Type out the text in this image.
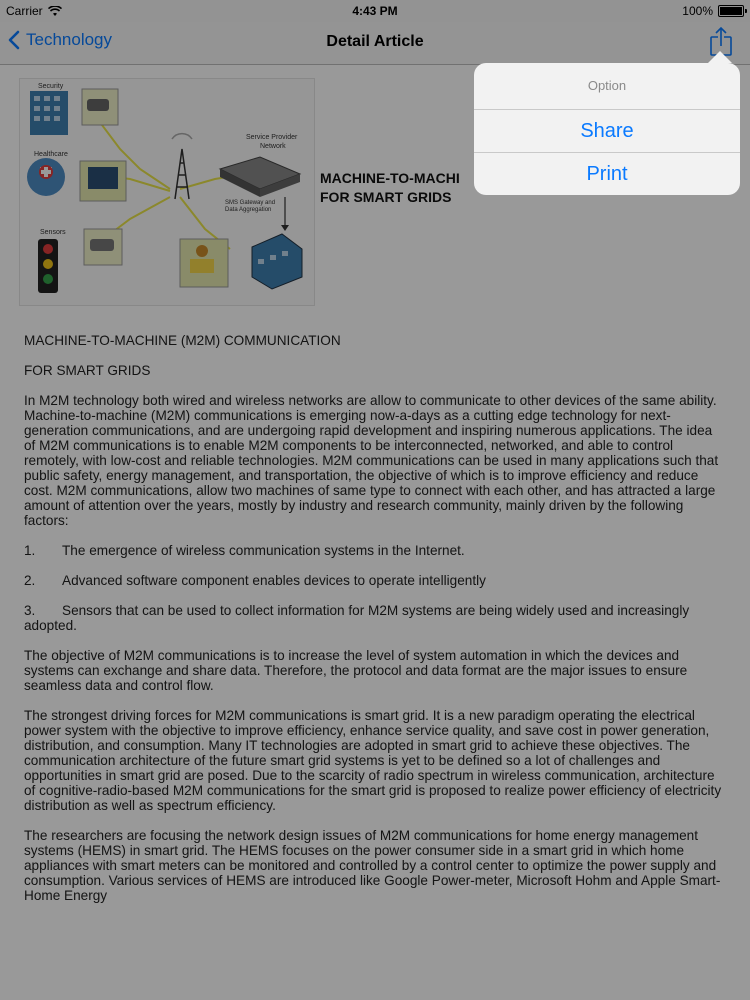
Carrier	4:43 PM	100%
Technology	Detail Article
Security
Healthcare
Sensors
Service Provider
Network
SMS Gateway and
Data Aggregation
MACHINE-TO-MACHI
FOR SMART GRIDS

MACHINE-TO-MACHINE (M2M) COMMUNICATION

FOR SMART GRIDS

In M2M technology both wired and wireless networks are allow to communicate to other devices of the same ability. Machine-to-machine (M2M) communications is emerging now-a-days as a cutting edge technology for next-generation communications, and are undergoing rapid development and inspiring numerous applications. The idea of M2M communications is to enable M2M components to be interconnected, networked, and able to control remotely, with low-cost and reliable technologies. M2M communications can be used in many applications such that public safety, energy management, and transportation, the objective of which is to improve efficiency and reduce cost. M2M communications, allow two machines of same type to connect with each other, and has attracted a large amount of attention over the years, mostly by industry and research community, mainly driven by the following factors:

1.	The emergence of wireless communication systems in the Internet.

2.	Advanced software component enables devices to operate intelligently

3. Sensors that can be used to collect information for M2M systems are being widely used and increasingly adopted.

The objective of M2M communications is to increase the level of system automation in which the devices and systems can exchange and share data. Therefore, the protocol and data format are the major issues to ensure seamless data and control flow.

The strongest driving forces for M2M communications is smart grid. It is a new paradigm operating the electrical power system with the objective to improve efficiency, enhance service quality, and save cost in power generation, distribution, and consumption. Many IT technologies are adopted in smart grid to achieve these objectives. The communication architecture of the future smart grid systems is yet to be defined so a lot of challenges and opportunities in smart grid are posed. Due to the scarcity of radio spectrum in wireless communication, architecture of cognitive-radio-based M2M communications for the smart grid is proposed to realize power efficiency of electricity distribution as well as spectrum efficiency.

The researchers are focusing the network design issues of M2M communications for home energy management systems (HEMS) in smart grid. The HEMS focuses on the power consumer side in a smart grid in which home appliances with smart meters can be monitored and controlled by a control center to optimize the power supply and consumption. Various services of HEMS are introduced like Google Power-meter, Microsoft Hohm and Apple Smart-Home Energy

Option
Share
Print
